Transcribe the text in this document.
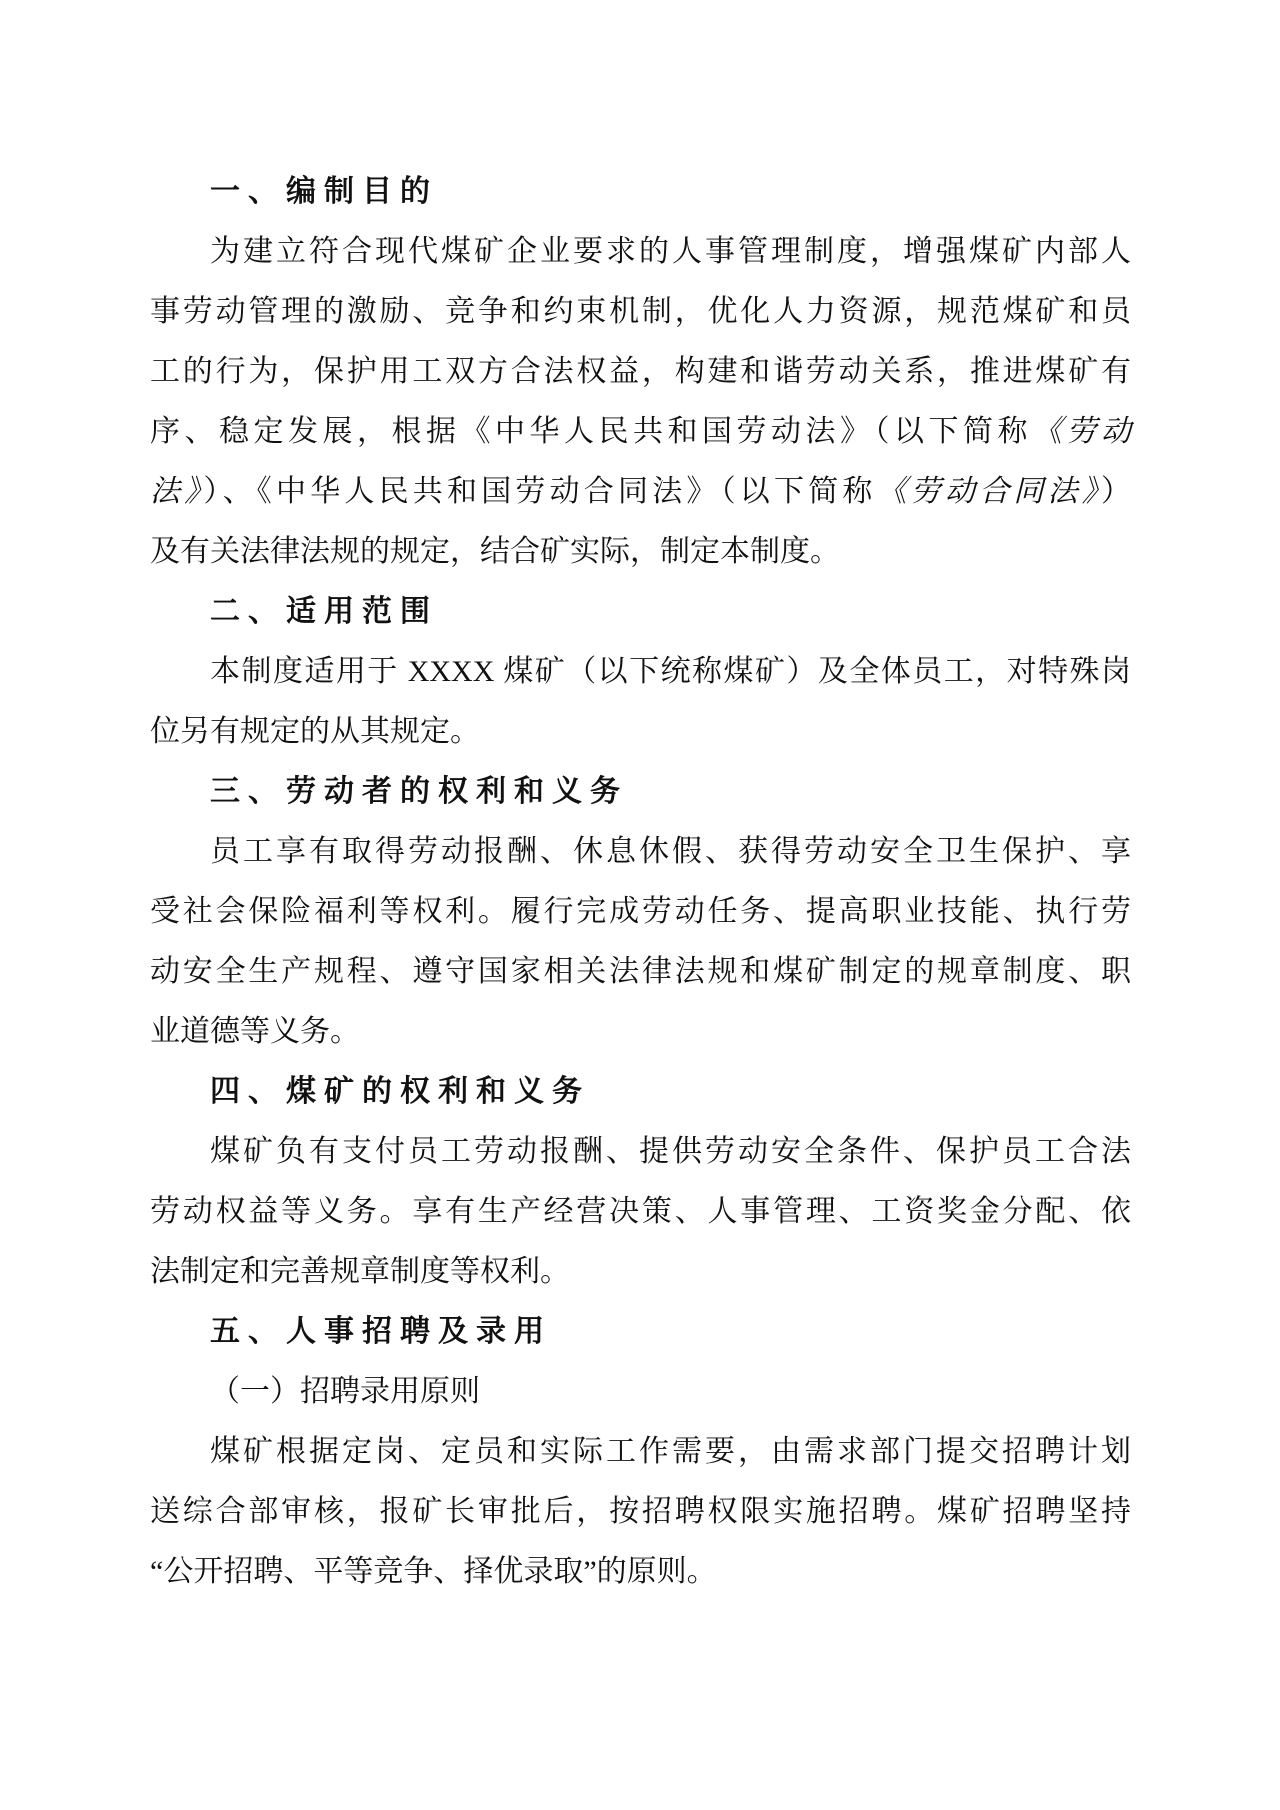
一、编制目的
为建立符合现代煤矿企业要求的人事管理制度，增强煤矿内部人
事劳动管理的激励、竞争和约束机制，优化人力资源，规范煤矿和员
工的行为，保护用工双方合法权益，构建和谐劳动关系，推进煤矿有
序、稳定发展，根据《中华人民共和国劳动法》（以下简称《劳动
法》）、《中华人民共和国劳动合同法》（以下简称《劳动合同法》）
及有关法律法规的规定，结合矿实际，制定本制度。
二、适用范围
本制度适用于 XXXX 煤矿（以下统称煤矿）及全体员工，对特殊岗
位另有规定的从其规定。
三、劳动者的权利和义务
员工享有取得劳动报酬、休息休假、获得劳动安全卫生保护、享
受社会保险福利等权利。履行完成劳动任务、提高职业技能、执行劳
动安全生产规程、遵守国家相关法律法规和煤矿制定的规章制度、职
业道德等义务。
四、煤矿的权利和义务
煤矿负有支付员工劳动报酬、提供劳动安全条件、保护员工合法
劳动权益等义务。享有生产经营决策、人事管理、工资奖金分配、依
法制定和完善规章制度等权利。
五、人事招聘及录用
（一）招聘录用原则
煤矿根据定岗、定员和实际工作需要，由需求部门提交招聘计划
送综合部审核，报矿长审批后，按招聘权限实施招聘。煤矿招聘坚持
“公开招聘、平等竞争、择优录取”的原则。
